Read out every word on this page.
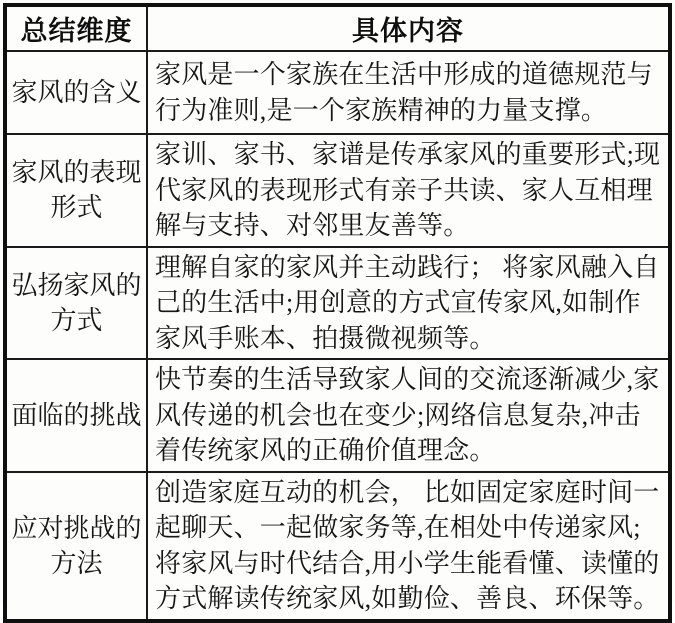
总结维度	具体内容
家风的含义	家风是一个家族在生活中形成的道德规范与行为准则,是一个家族精神的力量支撑。
家风的表现形式	家训、家书、家谱是传承家风的重要形式;现代家风的表现形式有亲子共读、家人互相理解与支持、对邻里友善等。
弘扬家风的方式	理解自家的家风并主动践行； 将家风融入自己的生活中;用创意的方式宣传家风,如制作家风手账本、拍摄微视频等。
面临的挑战	快节奏的生活导致家人间的交流逐渐减少,家风传递的机会也在变少;网络信息复杂,冲击着传统家风的正确价值理念。
应对挑战的方法	创造家庭互动的机会， 比如固定家庭时间一起聊天、一起做家务等,在相处中传递家风;将家风与时代结合,用小学生能看懂、读懂的方式解读传统家风,如勤俭、善良、环保等。
